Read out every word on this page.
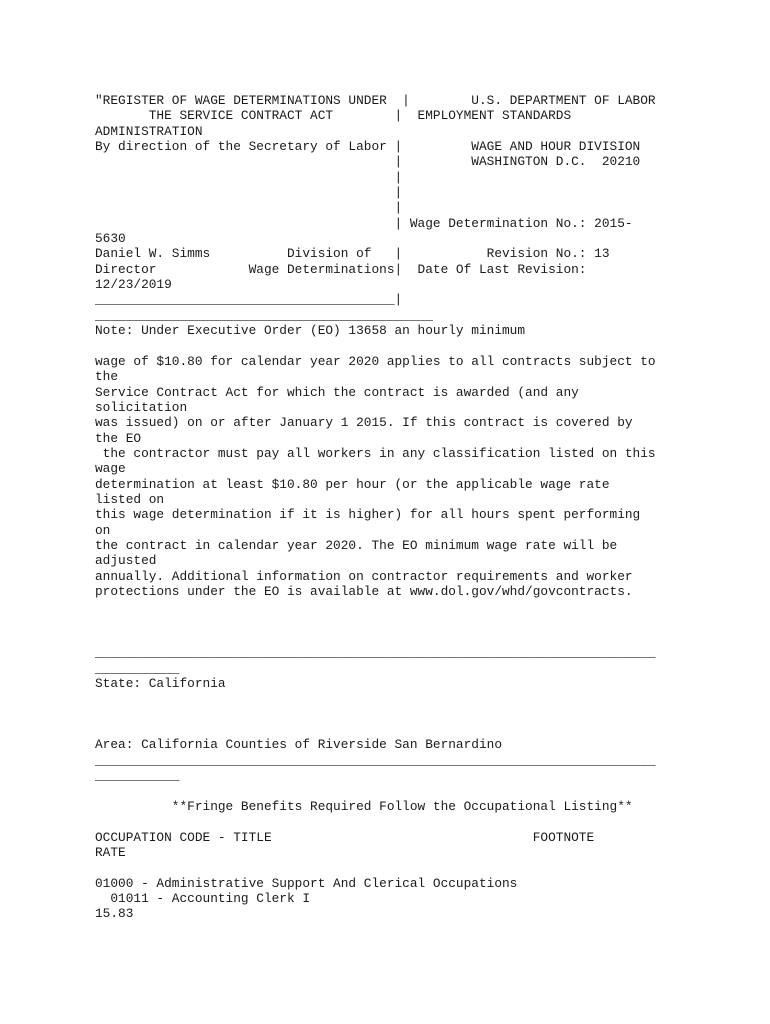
"REGISTER OF WAGE DETERMINATIONS UNDER  |        U.S. DEPARTMENT OF LABOR
THE SERVICE CONTRACT ACT        |  EMPLOYMENT STANDARDS
ADMINISTRATION
By direction of the Secretary of Labor |         WAGE AND HOUR DIVISION
|         WASHINGTON D.C.  20210
|
|
|
| Wage Determination No.: 2015-
5630
Daniel W. Simms          Division of   |           Revision No.: 13
Director            Wage Determinations|  Date Of Last Revision:
12/23/2019
_______________________________________|
____________________________________________
Note: Under Executive Order (EO) 13658 an hourly minimum
wage of $10.80 for calendar year 2020 applies to all contracts subject to
the
Service Contract Act for which the contract is awarded (and any
solicitation
was issued) on or after January 1 2015. If this contract is covered by
the EO
the contractor must pay all workers in any classification listed on this
wage
determination at least $10.80 per hour (or the applicable wage rate
listed on
this wage determination if it is higher) for all hours spent performing
on
the contract in calendar year 2020. The EO minimum wage rate will be
adjusted
annually. Additional information on contractor requirements and worker
protections under the EO is available at www.dol.gov/whd/govcontracts.
_________________________________________________________________________
___________
State: California
Area: California Counties of Riverside San Bernardino
_________________________________________________________________________
___________
**Fringe Benefits Required Follow the Occupational Listing**
OCCUPATION CODE - TITLE                                  FOOTNOTE
RATE
01000 - Administrative Support And Clerical Occupations
01011 - Accounting Clerk I
15.83
